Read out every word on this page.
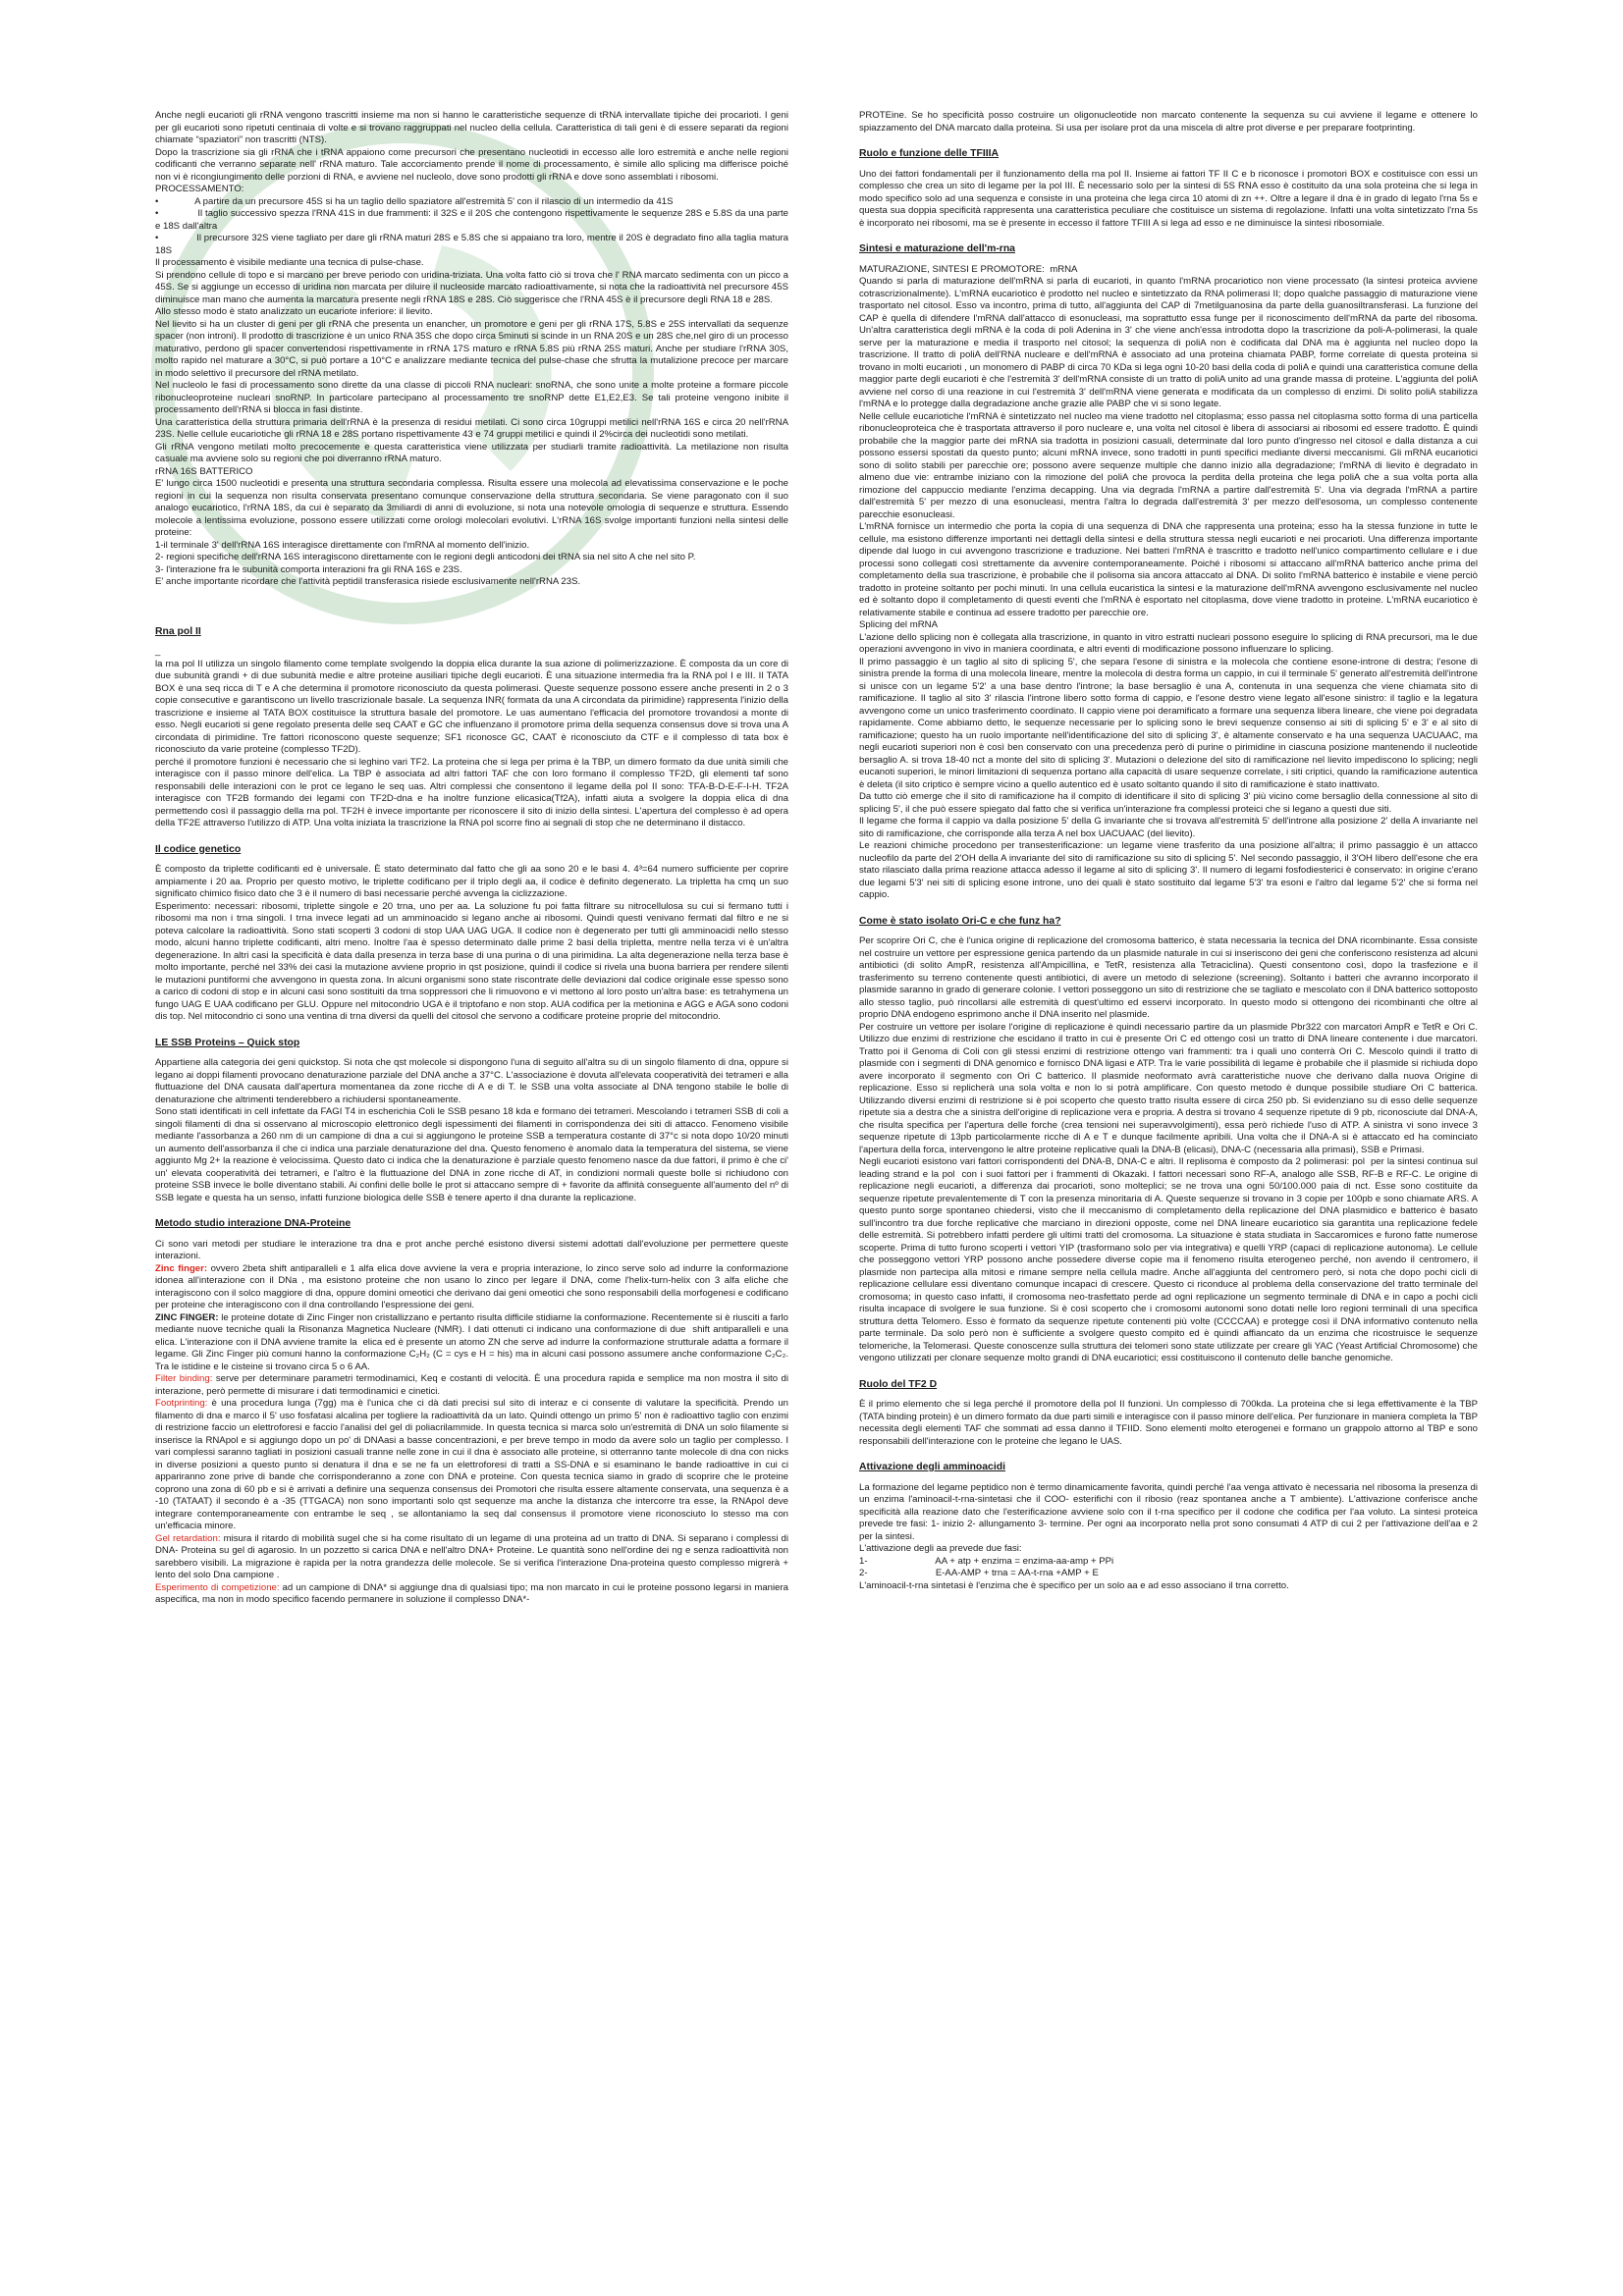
Anche negli eucarioti gli rRNA vengono trascritti insieme ma non si hanno le caratteristiche sequenze di tRNA intervallate tipiche dei procarioti. I geni per gli eucarioti sono ripetuti centinaia di volte e si trovano raggruppati nel nucleo della cellula. Caratteristica di tali geni è di essere separati da regioni chiamate “spaziatori” non trascritti (NTS).

Dopo la trascrizione sia gli rRNA che i tRNA appaiono come precursori che presentano nucleotidi in eccesso alle loro estremità e anche nelle regioni codificanti che verranno separate nell' rRNA maturo. Tale accorciamento prende il nome di processamento, è simile allo splicing ma differisce poiché non vi è ricongiungimento delle porzioni di RNA, e avviene nel nucleolo, dove sono prodotti gli rRNA e dove sono assemblati i ribosomi.

PROCESSAMENTO:

•              A partire da un precursore 45S si ha un taglio dello spaziatore all'estremità 5' con il rilascio di un intermedio da 41S

•              Il taglio successivo spezza l'RNA 41S in due frammenti: il 32S e il 20S che contengono rispettivamente le sequenze 28S e 5.8S da una parte e 18S dall'altra

•              Il precursore 32S viene tagliato per dare gli rRNA maturi 28S e 5.8S che si appaiano tra loro, mentre il 20S è degradato fino alla taglia matura 18S

Il processamento è visibile mediante una tecnica di pulse-chase.

Si prendono cellule di topo e si marcano per breve periodo con uridina-triziata. Una volta fatto ciò si trova che l' RNA marcato sedimenta con un picco a 45S. Se si aggiunge un eccesso di uridina non marcata per diluire il nucleoside marcato radioattivamente, si nota che la radioattività nel precursore 45S diminuisce man mano che aumenta la marcatura presente negli rRNA 18S e 28S. Ciò suggerisce che l'RNA 45S è il precursore degli RNA 18 e 28S.

Allo stesso modo è stato analizzato un eucariote inferiore: il lievito.

Nel lievito si ha un cluster di geni per gli rRNA che presenta un enancher, un promotore e geni per gli rRNA 17S, 5.8S e 25S intervallati da sequenze spacer (non introni). Il prodotto di trascrizione è un unico RNA 35S che dopo circa 5minuti si scinde in un RNA 20S e un 28S che,nel giro di un processo maturativo, perdono gli spacer convertendosi rispettivamente in rRNA 17S maturo e rRNA 5.8S più rRNA 25S maturi. Anche per studiare l'rRNA 30S, molto rapido nel maturare a 30°C, si può portare a 10°C e analizzare mediante tecnica del pulse-chase che sfrutta la mutalizione precoce per marcare in modo selettivo il precursore del rRNA metilato.

Nel nucleolo le fasi di processamento sono dirette da una classe di piccoli RNA nucleari: snoRNA, che sono unite a molte proteine a formare piccole ribonucleoproteine nucleari snoRNP. In particolare partecipano al processamento tre snoRNP dette E1,E2,E3. Se tali proteine vengono inibite il processamento dell'rRNA si blocca in fasi distinte.

Una caratteristica della struttura primaria dell'rRNA è la presenza di residui metilati. Ci sono circa 10gruppi metilici nell'rRNA 16S e circa 20 nell'rRNA 23S. Nelle cellule eucariotiche gli rRNA 18 e 28S portano rispettivamente 43 e 74 gruppi metilici e quindi il 2%circa dei nucleotidi sono metilati.

Gli rRNA vengono metilati molto precocemente e questa caratteristica viene utilizzata per studiarli tramite radioattività. La metilazione non risulta casuale ma avviene solo su regioni che poi diverranno rRNA maturo.

rRNA 16S BATTERICO

E' lungo circa 1500 nucleotidi e presenta una struttura secondaria complessa. Risulta essere una molecola ad elevatissima conservazione e le poche regioni in cui la sequenza non risulta conservata presentano comunque conservazione della struttura secondaria. Se viene paragonato con il suo analogo eucariotico, l'rRNA 18S, da cui è separato da 3miliardi di anni di evoluzione, si nota una notevole omologia di sequenze e struttura. Essendo molecole a lentissima evoluzione, possono essere utilizzati come orologi molecolari evolutivi. L'rRNA 16S svolge importanti funzioni nella sintesi delle proteine:

1-il terminale 3' dell'rRNA 16S interagisce direttamente con l'mRNA al momento dell'inizio.

2- regioni specifiche dell'rRNA 16S interagiscono direttamente con le regioni degli anticodoni dei tRNA sia nel sito A che nel sito P.

3- l'interazione fra le subunità comporta interazioni fra gli RNA 16S e 23S.

E' anche importante ricordare che l'attività peptidil transferasica risiede esclusivamente nell'rRNA 23S.

Rna pol II

_

la rna pol II utilizza un singolo filamento come template svolgendo la doppia elica durante la sua azione di polimerizzazione. È composta da un core di due subunità grandi + di due subunità medie e altre proteine ausiliari tipiche degli eucarioti. È una situazione intermedia fra la RNA pol I e III. Il TATA BOX è una seq ricca di T e A che determina il promotore riconosciuto da questa polimerasi. Queste sequenze possono essere anche presenti in 2 o 3 copie consecutive e garantiscono un livello trascrizionale basale. La sequenza INR( formata da una A circondata da pirimidine) rappresenta l'inizio della trascrizione e insieme al TATA BOX costituisce la struttura basale del promotore. Le uas aumentano l'efficacia del promotore trovandosi a monte di esso. Negli eucarioti si gene regolato presenta delle seq CAAT e GC che influenzano il promotore prima della sequenza consensus dove si trova una A circondata di pirimidine. Tre fattori riconoscono queste sequenze; SF1 riconosce GC, CAAT è riconosciuto da CTF e il complesso di tata box è riconosciuto da varie proteine (complesso TF2D).

perché il promotore funzioni è necessario che si leghino vari TF2. La proteina che si lega per prima è la TBP, un dimero formato da due unità simili che interagisce con il passo minore dell'elica. La TBP è associata ad altri fattori TAF che con loro formano il complesso TF2D, gli elementi taf sono responsabili delle interazioni con le prot ce legano le seq uas. Altri complessi che consentono il legame della pol II sono: TFA-B-D-E-F-I-H. TF2A interagisce con TF2B formando dei legami con TF2D-dna e ha inoltre funzione elicasica(Tf2A), infatti aiuta a svolgere la doppia elica di dna permettendo così il passaggio della rna pol. TF2H è invece importante per riconoscere il sito di inizio della sintesi. L'apertura del complesso è ad opera della TF2E attraverso l'utilizzo di ATP. Una volta iniziata la trascrizione la RNA pol scorre fino ai segnali di stop che ne determinano il distacco.

Il codice genetico

È composto da triplette codificanti ed è universale. È stato determinato dal fatto che gli aa sono 20 e le basi 4. 4³=64 numero sufficiente per coprire ampiamente i 20 aa. Proprio per questo motivo, le triplette codificano per il triplo degli aa, il codice è definito degenerato. La tripletta ha cmq un suo significato chimico fisico dato che 3 è il numero di basi necessarie perché avvenga la ciclizzazione.

Esperimento: necessari: ribosomi, triplette singole e 20 trna, uno per aa. La soluzione fu poi fatta filtrare su nitrocellulosa su cui si fermano tutti i ribosomi ma non i trna singoli. I trna invece legati ad un amminoacido si legano anche ai ribosomi. Quindi questi venivano fermati dal filtro e ne si poteva calcolare la radioattività. Sono stati scoperti 3 codoni di stop UAA UAG UGA. Il codice non è degenerato per tutti gli amminoacidi nello stesso modo, alcuni hanno triplette codificanti, altri meno. Inoltre l'aa è spesso determinato dalle prime 2 basi della tripletta, mentre nella terza vi è un'altra degenerazione. In altri casi la specificità è data dalla presenza in terza base di una purina o di una pirimidina. La alta degenerazione nella terza base è molto importante, perché nel 33% dei casi la mutazione avviene proprio in qst posizione, quindi il codice si rivela una buona barriera per rendere silenti le mutazioni puntiformi che avvengono in questa zona. In alcuni organismi sono state riscontrate delle deviazioni dal codice originale esse spesso sono a carico di codoni di stop e in alcuni casi sono sostituiti da trna soppressori che li rimuovono e vi mettono al loro posto un'altra base: es tetrahymena un fungo UAG E UAA codificano per GLU. Oppure nel mitocondrio UGA è il triptofano e non stop. AUA codifica per la metionina e AGG e AGA sono codoni dis top. Nel mitocondrio ci sono una ventina di trna diversi da quelli del citosol che servono a codificare proteine proprie del mitocondrio.

LE SSB Proteins – Quick stop

Appartiene alla categoria dei geni quickstop. Si nota che qst molecole si dispongono l'una di seguito all'altra su di un singolo filamento di dna, oppure si legano ai doppi filamenti provocano denaturazione parziale del DNA anche a 37°C. L'associazione è dovuta all'elevata cooperatività dei tetrameri e alla fluttuazione del DNA causata dall'apertura momentanea da zone ricche di A e di T. le SSB una volta associate al DNA tengono stabile le bolle di denaturazione che altrimenti tenderebbero a richiudersi spontaneamente.

Sono stati identificati in cell infettate da FAGI T4 in escherichia Coli le SSB pesano 18 kda e formano dei tetrameri. Mescolando i tetrameri SSB di coli a singoli filamenti di dna si osservano al microscopio elettronico degli ispessimenti dei filamenti in corrispondenza dei siti di attacco. Fenomeno visibile mediante l'assorbanza a 260 nm di un campione di dna a cui si aggiungono le proteine SSB a temperatura costante di 37°c si nota dopo 10/20 minuti un aumento dell'assorbanza il che ci indica una parziale denaturazione del dna. Questo fenomeno è anomalo data la temperatura del sistema, se viene aggiunto Mg 2+ la reazione è velocissima. Questo dato ci indica che la denaturazione è parziale questo fenomeno nasce da due fattori, il primo è che ci' un' elevata cooperatività dei tetrameri, e l'altro è la fluttuazione del DNA in zone ricche di AT, in condizioni normali queste bolle si richiudono con proteine SSB invece le bolle diventano stabili. Ai confini delle bolle le prot si attaccano sempre di + favorite da affinità conseguente all'aumento del nº di SSB legate e questa ha un senso, infatti funzione biologica delle SSB è tenere aperto il dna durante la replicazione.

Metodo studio interazione DNA-Proteine

Ci sono vari metodi per studiare le interazione tra dna e prot anche perché esistono diversi sistemi adottati dall'evoluzione per permettere queste interazioni.

Zinc finger: ovvero 2beta shift antiparalleli e 1 alfa elica dove avviene la vera e propria interazione, lo zinco serve solo ad indurre la conformazione idonea all'interazione con il DNa , ma esistono proteine che non usano lo zinco per legare il DNA, come l'helix-turn-helix con 3 alfa eliche che interagiscono con il solco maggiore di dna, oppure domini omeotici che derivano dai geni omeotici che sono responsabili della morfogenesi e codificano per proteine che interagiscono con il dna controllando l'espressione dei geni.

ZINC FINGER: le proteine dotate di Zinc Finger non cristallizzano e pertanto risulta difficile stidiarne la conformazione. Recentemente si è riusciti a farlo mediante nuove tecniche quali la Risonanza Magnetica Nucleare (NMR). I dati ottenuti ci indicano una conformazione di due  shift antiparalleli e una  elica. L'interazione con il DNA avviene tramite la  elica ed è presente un atomo ZN che serve ad indurre la conformazione strutturale adatta a formare il legame. Gli Zinc Finger più comuni hanno la conformazione C₂H₂ (C = cys e H = his) ma in alcuni casi possono assumere anche conformazione C₂C₂. Tra le istidine e le cisteine si trovano circa 5 o 6 AA.

Filter binding: serve per determinare parametri termodinamici, Keq e costanti di velocità. È una procedura rapida e semplice ma non mostra il sito di interazione, però permette di misurare i dati termodinamici e cinetici.

Footprinting: è una procedura lunga (7gg) ma è l'unica che ci dà dati precisi sul sito di interaz e ci consente di valutare la specificità. Prendo un filamento di dna e marco il 5' uso fosfatasi alcalina per togliere la radioattività da un lato. Quindi ottengo un primo 5' non è radioattivo taglio con enzimi di restrizione faccio un elettroforesi e faccio l'analisi del gel di poliacrilammide. In questa tecnica si marca solo un'estremità di DNA un solo filamente si inserisce la RNApol e si aggiungo dopo un po' di DNAasi a basse concentrazioni, e per breve tempo in modo da avere solo un taglio per complesso. I vari complessi saranno tagliati in posizioni casuali tranne nelle zone in cui il dna è associato alle proteine, si otterranno tante molecole di dna con nicks in diverse posizioni a questo punto si denatura il dna e se ne fa un elettroforesi di tratti a SS-DNA e si esaminano le bande radioattive in cui ci appariranno zone prive di bande che corrisponderanno a zone con DNA e proteine. Con questa tecnica siamo in grado di scoprire che le proteine coprono una zona di 60 pb e si è arrivati a definire una sequenza consensus dei Promotori che risulta essere altamente conservata, una sequenza è a -10 (TATAAT) il secondo è a -35 (TTGACA) non sono importanti solo qst sequenze ma anche la distanza che intercorre tra esse, la RNApol deve integrare contemporaneamente con entrambe le seq , se allontaniamo la seq dal consensus il promotore viene riconosciuto lo stesso ma con un'efficacia minore.

Gel retardation: misura il ritardo di mobilità sugel che si ha come risultato di un legame di una proteina ad un tratto di DNA. Si separano i complessi di DNA- Proteina su gel di agarosio. In un pozzetto si carica DNA e nell'altro DNA+ Proteine. Le quantità sono nell'ordine dei ng e senza radioattività non sarebbero visibili. La migrazione è rapida per la notra grandezza delle molecole. Se si verifica l'interazione Dna-proteina questo complesso migrerà + lento del solo Dna campione .

Esperimento di competizione: ad un campione di DNA* si aggiunge dna di qualsiasi tipo; ma non marcato in cui le proteine possono legarsi in maniera aspecifica, ma non in modo specifico facendo permanere in soluzione il complesso DNA*-

PROTEine. Se ho specificità posso costruire un oligonucleotide non marcato contenente la sequenza su cui avviene il legame e ottenere lo spiazzamento del DNA marcato dalla proteina. Si usa per isolare prot da una miscela di altre prot diverse e per preparare footprinting.

Ruolo e funzione delle TFIIIA

Uno dei fattori fondamentali per il funzionamento della rna pol II. Insieme ai fattori TF II C e b riconosce i promotori BOX e costituisce con essi un complesso che crea un sito di legame per la pol III. È necessario solo per la sintesi di 5S RNA esso è costituito da una sola proteina che si lega in modo specifico solo ad una sequenza e consiste in una proteina che lega circa 10 atomi di zn ++. Oltre a legare il dna è in grado di legato l'rna 5s e questa sua doppia specificità rappresenta una caratteristica peculiare che costituisce un sistema di regolazione. Infatti una volta sintetizzato l'rna 5s è incorporato nei ribosomi, ma se è presente in eccesso il fattore TFIII A si lega ad esso e ne diminuisce la sintesi ribosomiale.

Sintesi e maturazione dell'm-rna

MATURAZIONE, SINTESI E PROMOTORE:  mRNA

Quando si parla di maturazione dell'mRNA si parla di eucarioti, in quanto l'mRNA procariotico non viene processato (la sintesi proteica avviene cotrascrizionalmente). L'mRNA eucariotico è prodotto nel nucleo e sintetizzato da RNA polimerasi II; dopo qualche passaggio di maturazione viene trasportato nel citosol. Esso va incontro, prima di tutto, all'aggiunta del CAP di 7metilguanosina da parte della guanosiltransferasi. La funzione del CAP è quella di difendere l'mRNA dall'attacco di esonucleasi, ma soprattutto essa funge per il riconoscimento dell'mRNA da parte del ribosoma. Un'altra caratteristica degli mRNA è la coda di poli Adenina in 3' che viene anch'essa introdotta dopo la trascrizione da poli-A-polimerasi, la quale serve per la maturazione e media il trasporto nel citosol; la sequenza di poliA non è codificata dal DNA ma è aggiunta nel nucleo dopo la trascrizione. Il tratto di poliA dell'RNA nucleare e dell'mRNA è associato ad una proteina chiamata PABP, forme correlate di questa proteina si trovano in molti eucarioti , un monomero di PABP di circa 70 KDa si lega ogni 10-20 basi della coda di poliA e quindi una caratteristica comune della maggior parte degli eucarioti è che l'estremità 3' dell'mRNA consiste di un tratto di poliA unito ad una grande massa di proteine. L'aggiunta del poliA avviene nel corso di una reazione in cui l'estremità 3' dell'mRNA viene generata e modificata da un complesso di enzimi. Di solito poliA stabilizza l'mRNA e lo protegge dalla degradazione anche grazie alle PABP che vi si sono legate.

Nelle cellule eucariotiche l'mRNA è sintetizzato nel nucleo ma viene tradotto nel citoplasma; esso passa nel citoplasma sotto forma di una particella ribonucleoproteica che è trasportata attraverso il poro nucleare e, una volta nel citosol è libera di associarsi ai ribosomi ed essere tradotto. È quindi probabile che la maggior parte dei mRNA sia tradotta in posizioni casuali, determinate dal loro punto d'ingresso nel citosol e dalla distanza a cui possono essersi spostati da questo punto; alcuni mRNA invece, sono tradotti in punti specifici mediante diversi meccanismi. Gli mRNA eucariotici sono di solito stabili per parecchie ore; possono avere sequenze multiple che danno inizio alla degradazione; l'mRNA di lievito è degradato in almeno due vie: entrambe iniziano con la rimozione del poliA che provoca la perdita della proteina che lega poliA che a sua volta porta alla rimozione del cappuccio mediante l'enzima decapping. Una via degrada l'mRNA a partire dall'estremità 5'. Una via degrada l'mRNA a partire dall'estremità 5' per mezzo di una esonucleasi, mentra l'altra lo degrada dall'estremità 3' per mezzo dell'esosoma, un complesso contenente parecchie esonucleasi.

L'mRNA fornisce un intermedio che porta la copia di una sequenza di DNA che rappresenta una proteina; esso ha la stessa funzione in tutte le cellule, ma esistono differenze importanti nei dettagli della sintesi e della struttura stessa negli eucarioti e nei procarioti. Una differenza importante dipende dal luogo in cui avvengono trascrizione e traduzione. Nei batteri l'mRNA è trascritto e tradotto nell'unico compartimento cellulare e i due processi sono collegati così strettamente da avvenire contemporaneamente. Poiché i ribosomi si attaccano all'mRNA batterico anche prima del completamento della sua trascrizione, è probabile che il polisoma sia ancora attaccato al DNA. Di solito l'mRNA batterico è instabile e viene perciò tradotto in proteine soltanto per pochi minuti. In una cellula eucaristica la sintesi e la maturazione dell'mRNA avvengono esclusivamente nel nucleo ed è soltanto dopo il completamento di questi eventi che l'mRNA è esportato nel citoplasma, dove viene tradotto in proteine. L'mRNA eucariotico è relativamente stabile e continua ad essere tradotto per parecchie ore.

Splicing del mRNA

L'azione dello splicing non è collegata alla trascrizione, in quanto in vitro estratti nucleari possono eseguire lo splicing di RNA precursori, ma le due operazioni avvengono in vivo in maniera coordinata, e altri eventi di modificazione possono influenzare lo splicing.

Il primo passaggio è un taglio al sito di splicing 5', che separa l'esone di sinistra e la molecola che contiene esone-introne di destra; l'esone di sinistra prende la forma di una molecola lineare, mentre la molecola di destra forma un cappio, in cui il terminale 5' generato all'estremità dell'introne si unisce con un legame 5'2' a una base dentro l'introne; la base bersaglio è una A, contenuta in una sequenza che viene chiamata sito di ramificazione. Il taglio al sito 3' rilascia l'introne libero sotto forma di cappio, e l'esone destro viene legato all'esone sinistro: il taglio e la legatura avvengono come un unico trasferimento coordinato. Il cappio viene poi deramificato a formare una sequenza libera lineare, che viene poi degradata rapidamente. Come abbiamo detto, le sequenze necessarie per lo splicing sono le brevi sequenze consenso ai siti di splicing 5' e 3' e al sito di ramificazione; questo ha un ruolo importante nell'identificazione del sito di splicing 3', è altamente conservato e ha una sequenza UACUAAC, ma negli eucarioti superiori non è così ben conservato con una precedenza però di purine o pirimidine in ciascuna posizione mantenendo il nucleotide bersaglio A. si trova 18-40 nct a monte del sito di splicing 3'. Mutazioni o delezione del sito di ramificazione nel lievito impediscono lo splicing; negli eucanoti superiori, le minori limitazioni di sequenza portano alla capacità di usare sequenze correlate, i siti criptici, quando la ramificazione autentica è deleta (il sito criptico è sempre vicino a quello autentico ed è usato soltanto quando il sito di ramificazione è stato inattivato.

Da tutto ciò emerge che il sito di ramificazione ha il compito di identificare il sito di splicing 3' più vicino come bersaglio della connessione al sito di splicing 5', il che può essere spiegato dal fatto che si verifica un'interazione fra complessi proteici che si legano a questi due siti.

Il legame che forma il cappio va dalla posizione 5' della G invariante che si trovava all'estremità 5' dell'introne alla posizione 2' della A invariante nel sito di ramificazione, che corrisponde alla terza A nel box UACUAAC (del lievito).

Le reazioni chimiche procedono per transesterificazione: un legame viene trasferito da una posizione all'altra; il primo passaggio è un attacco nucleofilo da parte del 2'OH della A invariante del sito di ramificazione su sito di splicing 5'. Nel secondo passaggio, il 3'OH libero dell'esone che era stato rilasciato dalla prima reazione attacca adesso il legame al sito di splicing 3'. Il numero di legami fosfodiesterici è conservato: in origine c'erano due legami 5'3' nei siti di splicing esone introne, uno dei quali è stato sostituito dal legame 5'3' tra esoni e l'altro dal legame 5'2' che si forma nel cappio.

Come è stato isolato Ori-C e che funz ha?

Per scoprire Ori C, che è l'unica origine di replicazione del cromosoma batterico, è stata necessaria la tecnica del DNA ricombinante. Essa consiste nel costruire un vettore per espressione genica partendo da un plasmide naturale in cui si inseriscono dei geni che conferiscono resistenza ad alcuni antibiotici (di solito AmpR, resistenza all'Ampicillina, e TetR, resistenza alla Tetraciclina). Questi consentono così, dopo la trasfezione e il trasferimento su terreno contenente questi antibiotici, di avere un metodo di selezione (screening). Soltanto i batteri che avranno incorporato il plasmide saranno in grado di generare colonie. I vettori posseggono un sito di restrizione che se tagliato e mescolato con il DNA batterico sottoposto allo stesso taglio, può rincollarsi alle estremità di quest'ultimo ed esservi incorporato. In questo modo si ottengono dei ricombinanti che oltre al proprio DNA endogeno esprimono anche il DNA inserito nel plasmide.

Per costruire un vettore per isolare l'origine di replicazione è quindi necessario partire da un plasmide Pbr322 con marcatori AmpR e TetR e Ori C. Utilizzo due enzimi di restrizione che escidano il tratto in cui è presente Ori C ed ottengo così un tratto di DNA lineare contenente i due marcatori. Tratto poi il Genoma di Coli con gli stessi enzimi di restrizione ottengo vari frammenti: tra i quali uno conterrà Ori C. Mescolo quindi il tratto di plasmide con i segmenti di DNA genomico e fornisco DNA ligasi e ATP. Tra le varie possibilità di legame è probabile che il plasmide si richiuda dopo avere incorporato il segmento con Ori C batterico. Il plasmide neoformato avrà caratteristiche nuove che derivano dalla nuova Origine di replicazione. Esso si replicherà una sola volta e non lo si potrà amplificare. Con questo metodo è dunque possibile studiare Ori C batterica. Utilizzando diversi enzimi di restrizione si è poi scoperto che questo tratto risulta essere di circa 250 pb. Si evidenziano su di esso delle sequenze ripetute sia a destra che a sinistra dell'origine di replicazione vera e propria. A destra si trovano 4 sequenze ripetute di 9 pb, riconosciute dal DNA-A, che risulta specifica per l'apertura delle forche (crea tensioni nei superavvolgimenti), essa però richiede l'uso di ATP. A sinistra vi sono invece 3 sequenze ripetute di 13pb particolarmente ricche di A e T e dunque facilmente apribili. Una volta che il DNA-A si è attaccato ed ha cominciato l'apertura della forca, intervengono le altre proteine replicative quali la DNA-B (elicasi), DNA-C (necessaria alla primasi), SSB e Primasi.

Negli eucarioti esistono vari fattori corrispondenti del DNA-B, DNA-C e altri. Il replisoma è composto da 2 polimerasi: pol  per la sintesi continua sul leading strand e la pol  con i suoi fattori per i frammenti di Okazaki. I fattori necessari sono RF-A, analogo alle SSB, RF-B e RF-C. Le origine di replicazione negli eucarioti, a differenza dai procarioti, sono molteplici; se ne trova una ogni 50/100.000 paia di nct. Esse sono costituite da sequenze ripetute prevalentemente di T con la presenza minoritaria di A. Queste sequenze si trovano in 3 copie per 100pb e sono chiamate ARS. A questo punto sorge spontaneo chiedersi, visto che il meccanismo di completamento della replicazione del DNA plasmidico e batterico è basato sull'incontro tra due forche replicative che marciano in direzioni opposte, come nel DNA lineare eucariotico sia garantita una replicazione fedele delle estremità. Si potrebbero infatti perdere gli ultimi tratti del cromosoma. La situazione è stata studiata in Saccaromices e furono fatte numerose scoperte. Prima di tutto furono scoperti i vettori YIP (trasformano solo per via integrativa) e quelli YRP (capaci di replicazione autonoma). Le cellule che posseggono vettori YRP possono anche possedere diverse copie ma il fenomeno risulta eterogeneo perché, non avendo il centromero, il plasmide non partecipa alla mitosi e rimane sempre nella cellula madre. Anche all'aggiunta del centromero però, si nota che dopo pochi cicli di replicazione cellulare essi diventano comunque incapaci di crescere. Questo ci riconduce al problema della conservazione del tratto terminale del cromosoma; in questo caso infatti, il cromosoma neo-trasfettato perde ad ogni replicazione un segmento terminale di DNA e in capo a pochi cicli risulta incapace di svolgere le sua funzione. Si è così scoperto che i cromosomi autonomi sono dotati nelle loro regioni terminali di una specifica struttura detta Telomero. Esso è formato da sequenze ripetute contenenti più volte (CCCCAA) e protegge così il DNA informativo contenuto nella parte terminale. Da solo però non è sufficiente a svolgere questo compito ed è quindi affiancato da un enzima che ricostruisce le sequenze telomeriche, la Telomerasi. Queste conoscenze sulla struttura dei telomeri sono state utilizzate per creare gli YAC (Yeast Artificial Chromosome) che vengono utilizzati per clonare sequenze molto grandi di DNA eucariotici; essi costituiscono il contenuto delle banche genomiche.

Ruolo del TF2 D

È il primo elemento che si lega perché il promotore della pol II funzioni. Un complesso di 700kda. La proteina che si lega effettivamente è la TBP (TATA binding protein) è un dimero formato da due parti simili e interagisce con il passo minore dell'elica. Per funzionare in maniera completa la TBP necessita degli elementi TAF che sommati ad essa danno il TFIID. Sono elementi molto eterogenei e formano un grappolo attorno al TBP e sono responsabili dell'interazione con le proteine che legano le UAS.

Attivazione degli amminoacidi

La formazione del legame peptidico non è termo dinamicamente favorita, quindi perché l'aa venga attivato è necessaria nel ribosoma la presenza di un enzima l'aminoacil-t-rna-sintetasi che il COO- esterifichi con il ribosio (reaz spontanea anche a T ambiente). L'attivazione conferisce anche specificità alla reazione dato che l'esterificazione avviene solo con il t-rna specifico per il codone che codifica per l'aa voluto. La sintesi proteica prevede tre fasi: 1- inizio 2- allungamento 3- termine. Per ogni aa incorporato nella prot sono consumati 4 ATP di cui 2 per l'attivazione dell'aa e 2 per la sintesi.

L'attivazione degli aa prevede due fasi:

1-                          AA + atp + enzima = enzima-aa-amp + PPi

2-                          E-AA-AMP + trna = AA-t-rna +AMP + E

L'aminoacil-t-rna sintetasi è l'enzima che è specifico per un solo aa e ad esso associano il trna corretto.
